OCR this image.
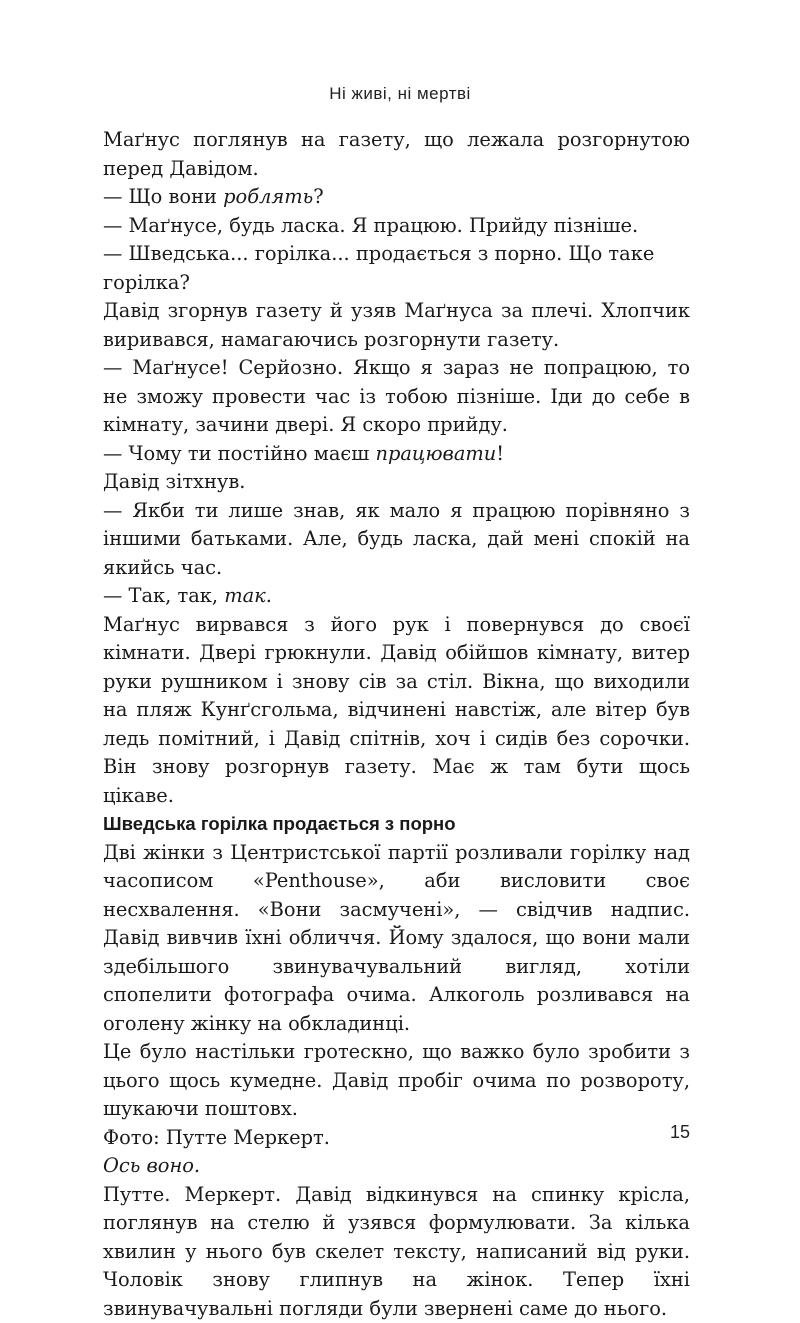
Ні живі, ні мертві

Маґнус поглянув на газету, що лежала розгорнутою перед Давідом.

— Що вони роблять?

— Маґнусе, будь ласка. Я працюю. Прийду пізніше.

— Шведська... горілка... продається з порно. Що таке горілка?

Давід згорнув газету й узяв Маґнуса за плечі. Хлопчик виривався, намагаючись розгорнути газету.

— Маґнусе! Серйозно. Якщо я зараз не попрацюю, то не зможу провести час із тобою пізніше. Іди до себе в кімнату, зачини двері. Я скоро прийду.

— Чому ти постійно маєш працювати!

Давід зітхнув.

— Якби ти лише знав, як мало я працюю порівняно з іншими батьками. Але, будь ласка, дай мені спокій на якийсь час.

— Так, так, так.

Маґнус вирвався з його рук і повернувся до своєї кімнати. Двері грюкнули. Давід обійшов кімнату, витер руки рушником і знову сів за стіл. Вікна, що виходили на пляж Кунґсгольма, відчинені навстіж, але вітер був ледь помітний, і Давід спітнів, хоч і сидів без сорочки. Він знову розгорнув газету. Має ж там бути щось цікаве.

Шведська горілка продається з порно

Дві жінки з Центристської партії розливали горілку над часописом «Penthouse», аби висловити своє несхвалення. «Вони засмучені», — свідчив надпис. Давід вивчив їхні обличчя. Йому здалося, що вони мали здебільшого звинувачувальний вигляд, хотіли спопелити фотографа очима. Алкоголь розливався на оголену жінку на обкладинці.

Це було настільки гротескно, що важко було зробити з цього щось кумедне. Давід пробіг очима по розвороту, шукаючи поштовх.

Фото: Путте Меркерт.

Ось воно.

Путте. Меркерт. Давід відкинувся на спинку крісла, поглянув на стелю й узявся формулювати. За кілька хвилин у нього був скелет тексту, написаний від руки. Чоловік знову глипнув на жінок. Тепер їхні звинувачувальні погляди були звернені саме до нього.

15
